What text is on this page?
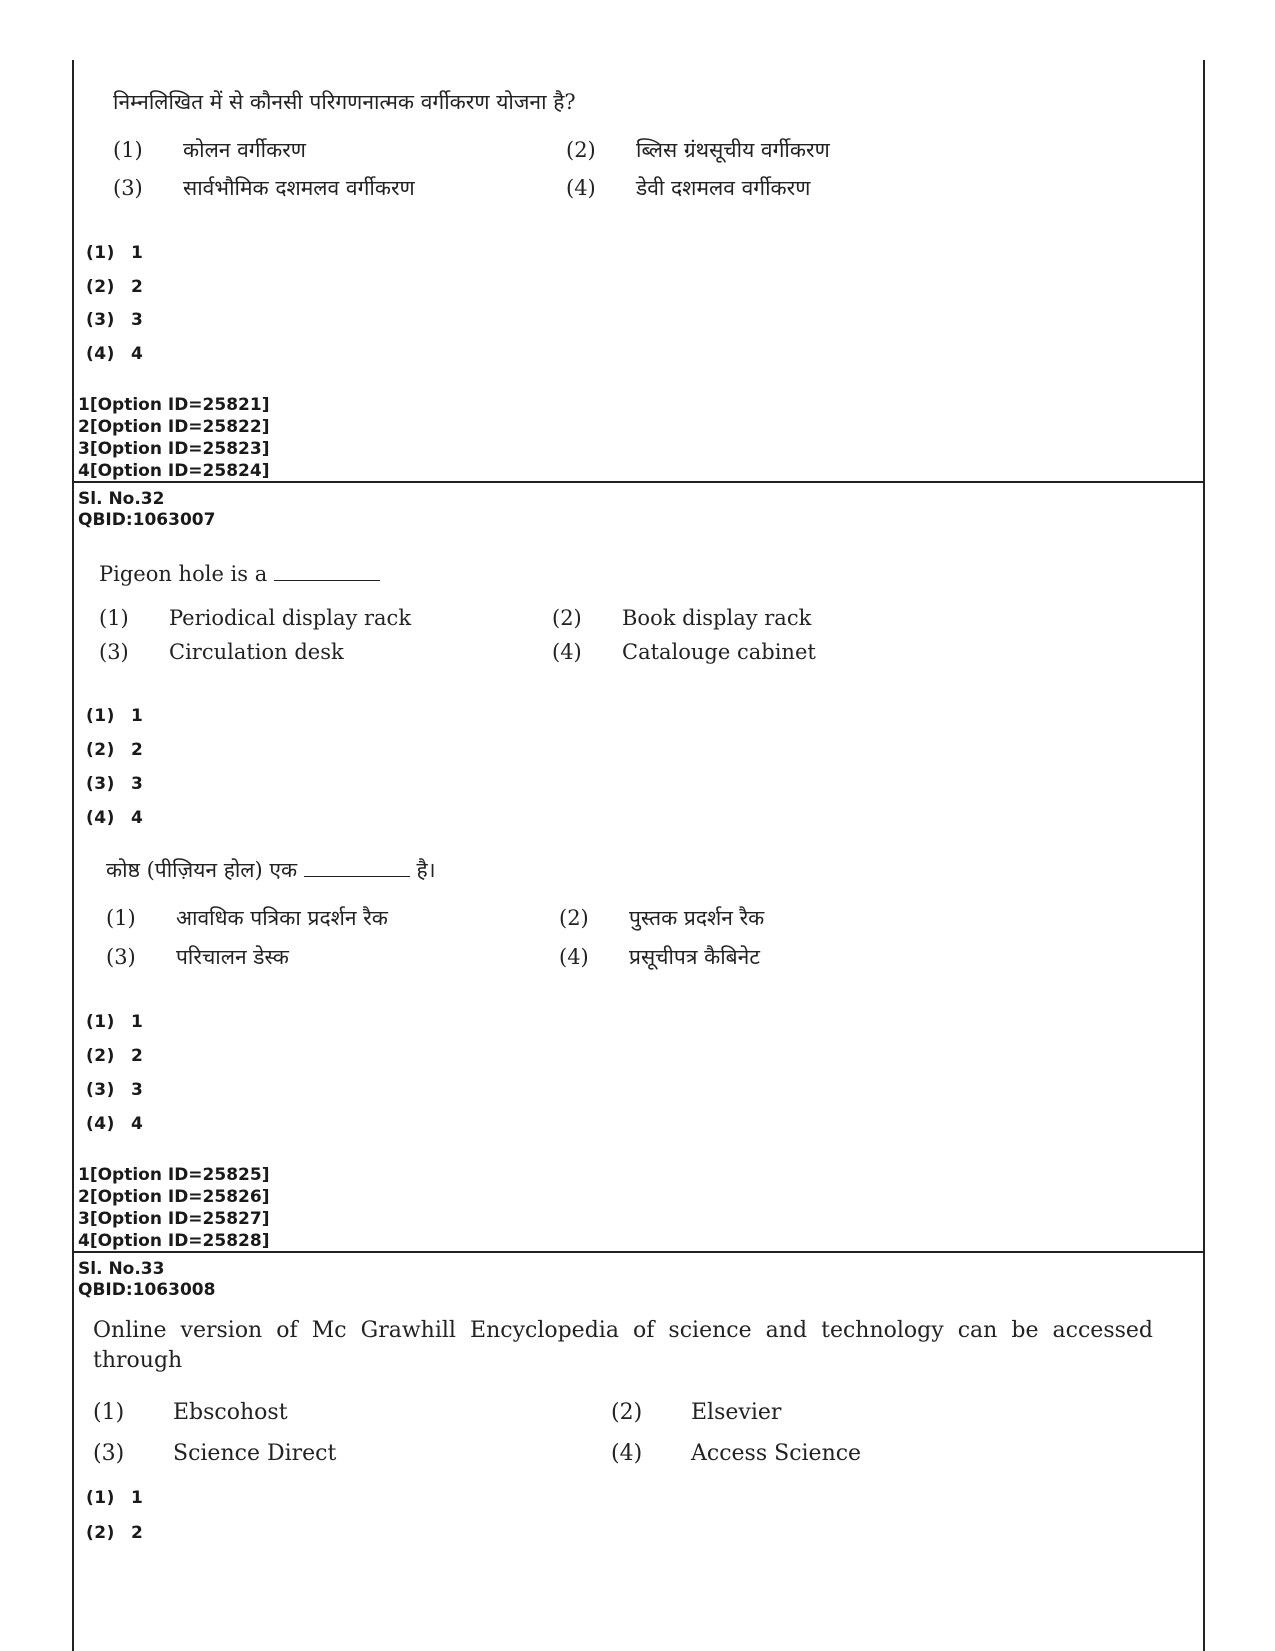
निम्नलिखित में से कौनसी परिगणनात्मक वर्गीकरण योजना है?
(1) कोलन वर्गीकरण	(2) ब्लिस ग्रंथसूचीय वर्गीकरण
(3) सार्वभौमिक दशमलव वर्गीकरण	(4) डेवी दशमलव वर्गीकरण
(1) 1
(2) 2
(3) 3
(4) 4
1[Option ID=25821]
2[Option ID=25822]
3[Option ID=25823]
4[Option ID=25824]
Sl. No.32
QBID:1063007
Pigeon hole is a
(1) Periodical display rack	(2) Book display rack
(3) Circulation desk	(4) Catalouge cabinet
(1) 1
(2) 2
(3) 3
(4) 4
कोष्ठ (पीज़ियन होल) एक	है।
(1) आवधिक पत्रिका प्रदर्शन रैक	(2) पुस्तक प्रदर्शन रैक
(3) परिचालन डेस्क	(4) प्रसूचीपत्र कैबिनेट
(1) 1
(2) 2
(3) 3
(4) 4
1[Option ID=25825]
2[Option ID=25826]
3[Option ID=25827]
4[Option ID=25828]
Sl. No.33
QBID:1063008
Online version of Mc Grawhill Encyclopedia of science and technology can be accessed through
(1) Ebscohost	(2) Elsevier
(3) Science Direct	(4) Access Science
(1) 1
(2) 2
